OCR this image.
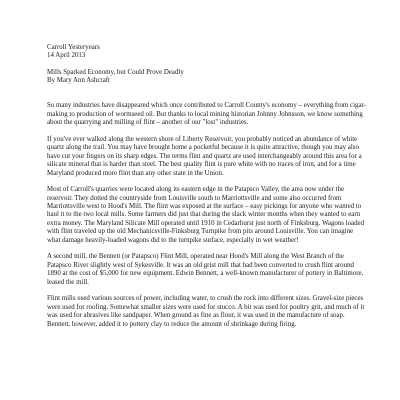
Carroll Yesteryears
14 April 2013
Mills Sparked Economy, but Could Prove Deadly
By Mary Ann Ashcraft

So many industries have disappeared which once contributed to Carroll County's economy – everything from cigar-making to production of wormseed oil. But thanks to local mining historian Johnny Johnsson, we know something about the quarrying and milling of flint – another of our "lost" industries.

If you've ever walked along the western shore of Liberty Reservoir, you probably noticed an abundance of white quartz along the trail. You may have brought home a pocketful because it is quite attractive, though you may also have cut your fingers on its sharp edges. The terms flint and quartz are used interchangeably around this area for a silicate mineral that is harder than steel. The best quality flint is pure white with no traces of iron, and for a time Maryland produced more flint than any other state in the Union.

Most of Carroll's quarries were located along its eastern edge in the Patapsco Valley, the area now under the reservoir. They dotted the countryside from Louisville south to Marriottsville and some also occurred from Marriottsville west to Hood's Mill. The flint was exposed at the surface – easy pickings for anyone who wanted to haul it to the two local mills. Some farmers did just that during the slack winter months when they wanted to earn extra money. The Maryland Silicate Mill operated until 1910 in Cedarhurst just north of Finksburg. Wagons loaded with flint traveled up the old Mechanicsville-Finksburg Turnpike from pits around Louisville. You can imagine what damage heavily-loaded wagons did to the turnpike surface, especially in wet weather!

A second mill, the Bennett (or Patapsco) Flint Mill, operated near Hood's Mill along the West Branch of the Patapsco River slightly west of Sykesville. It was an old grist mill that had been converted to crush flint around 1890 at the cost of $5,000 for new equipment. Edwin Bennett, a well-known manufacturer of pottery in Baltimore, leased the mill.

Flint mills used various sources of power, including water, to crush the rock into different sizes. Gravel-size pieces were used for roofing. Somewhat smaller sizes were used for stucco. A bit was used for poultry grit, and much of it was used for abrasives like sandpaper. When ground as fine as flour, it was used in the manufacture of soap. Bennett, however, added it to pottery clay to reduce the amount of shrinkage during firing.
